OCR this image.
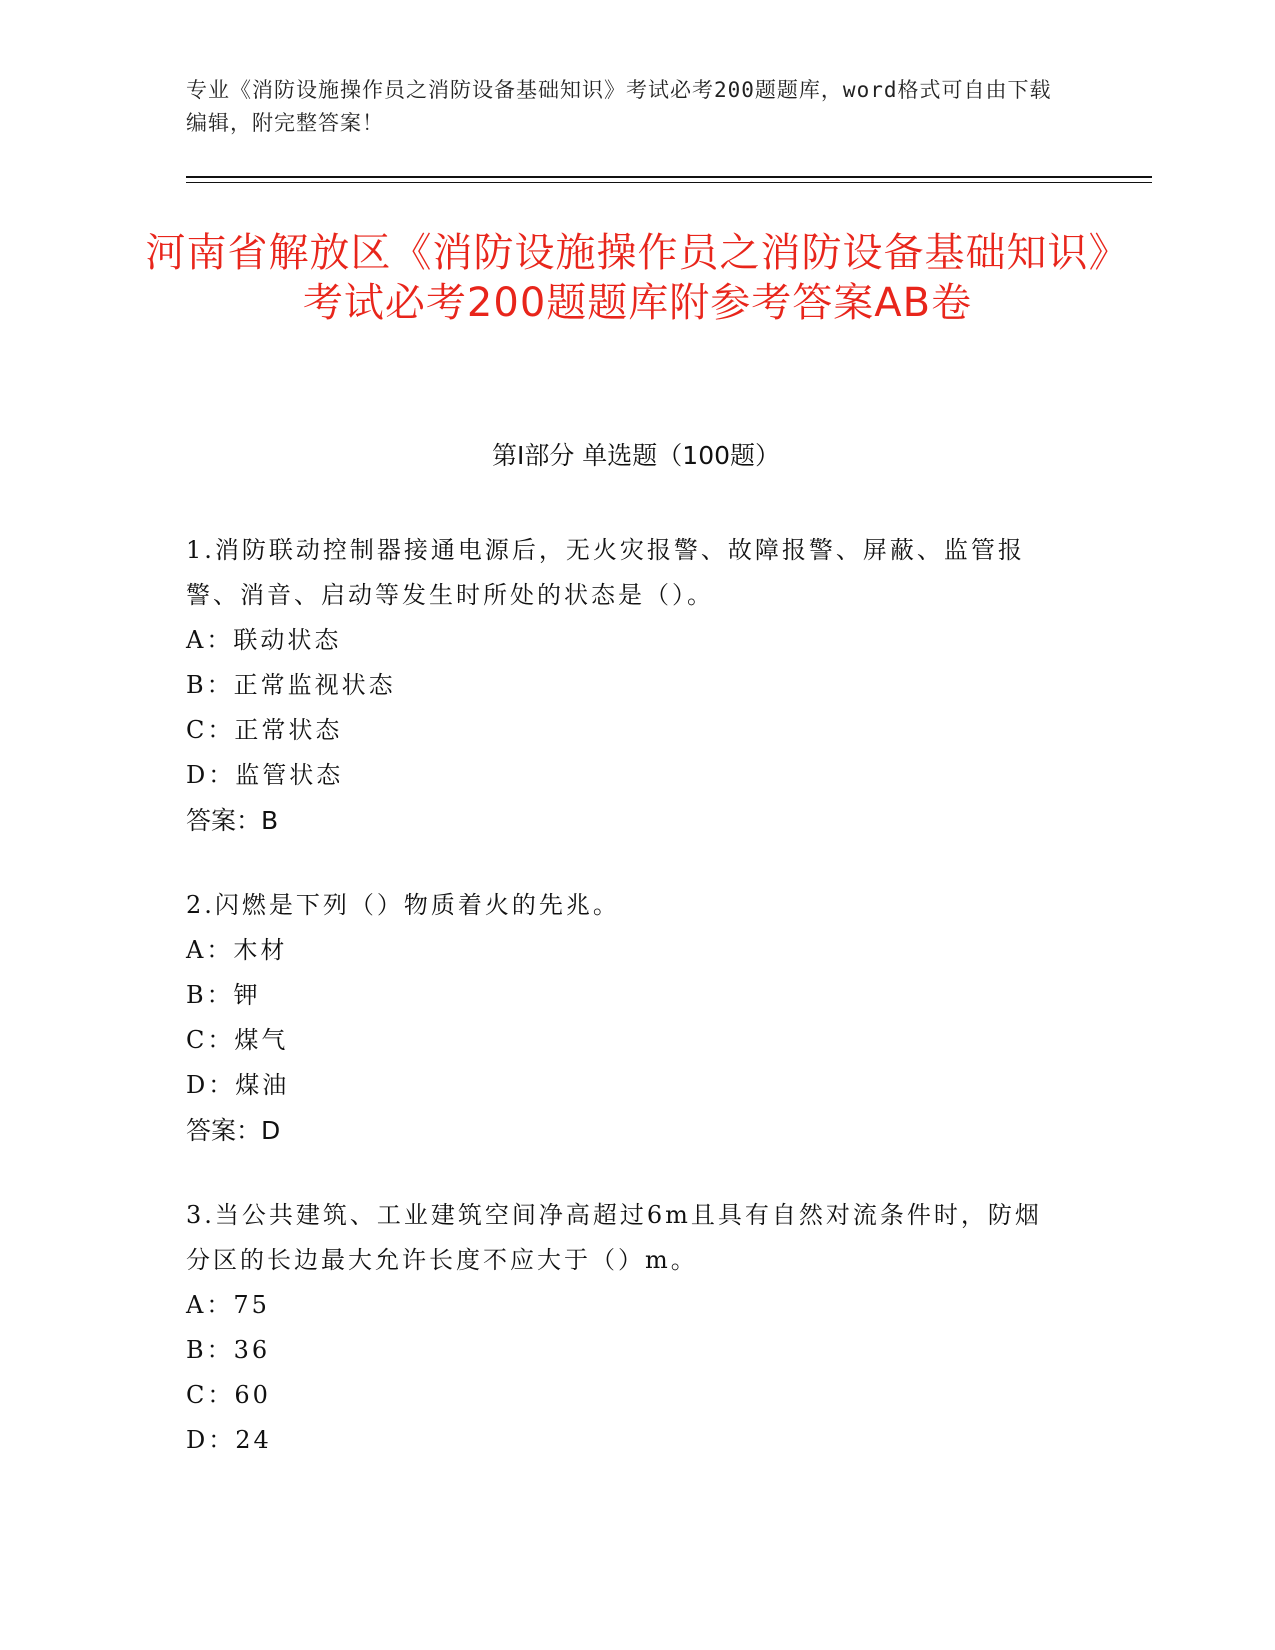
专业《消防设施操作员之消防设备基础知识》考试必考200题题库，word格式可自由下载编辑，附完整答案！
河南省解放区《消防设施操作员之消防设备基础知识》考试必考200题题库附参考答案AB卷
第Ⅰ部分 单选题（100题）

1.消防联动控制器接通电源后，无火灾报警、故障报警、屏蔽、监管报警、消音、启动等发生时所处的状态是（）。

A：联动状态

B：正常监视状态

C：正常状态

D：监管状态

答案：B

2.闪燃是下列（）物质着火的先兆。

A：木材

B：钾

C：煤气

D：煤油

答案：D

3.当公共建筑、工业建筑空间净高超过6m且具有自然对流条件时，防烟分区的长边最大允许长度不应大于（）m。

A：75

B：36

C：60

D：24
